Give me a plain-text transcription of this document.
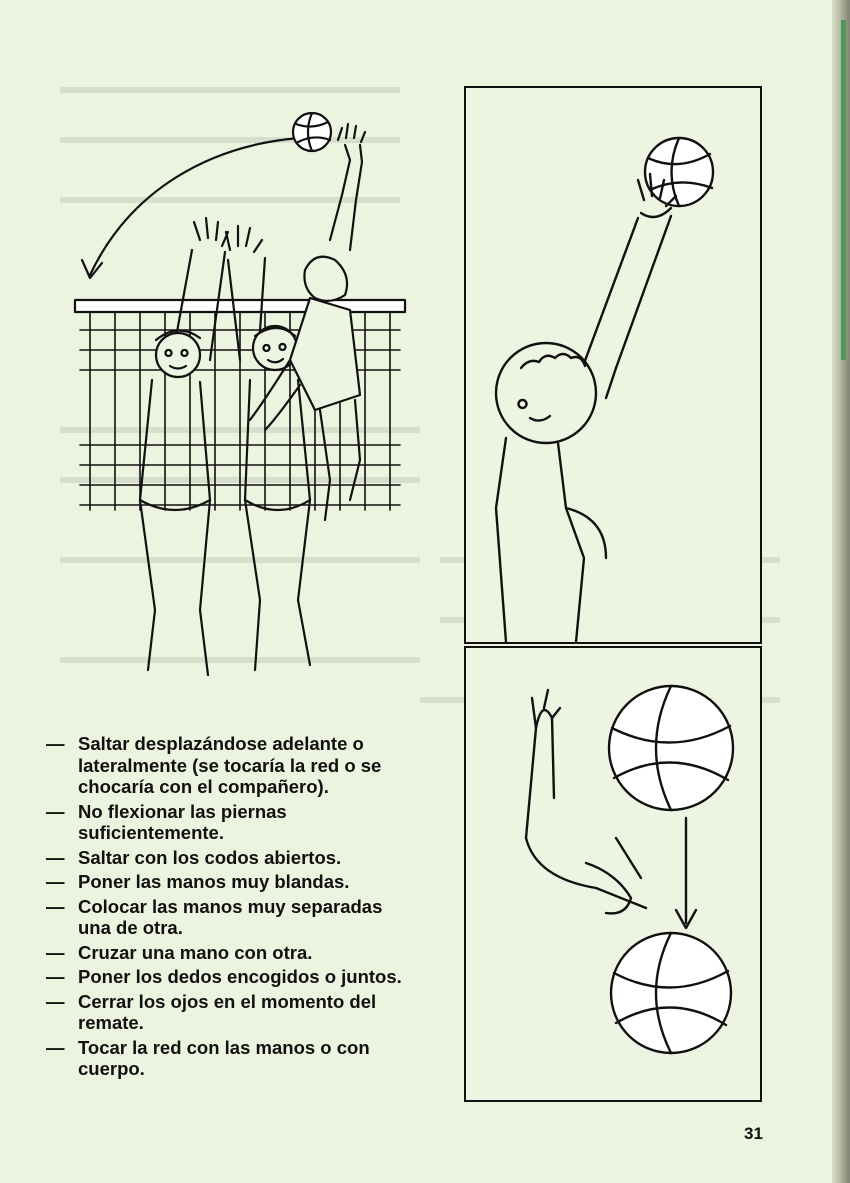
— Saltar desplazándose adelante o lateralmente (se tocaría la red o se chocaría con el compañero).
— No flexionar las piernas suficientemente.
— Saltar con los codos abiertos.
— Poner las manos muy blandas.
— Colocar las manos muy separadas una de otra.
— Cruzar una mano con otra.
— Poner los dedos encogidos o juntos.
— Cerrar los ojos en el momento del remate.
— Tocar la red con las manos o con cuerpo.
31
